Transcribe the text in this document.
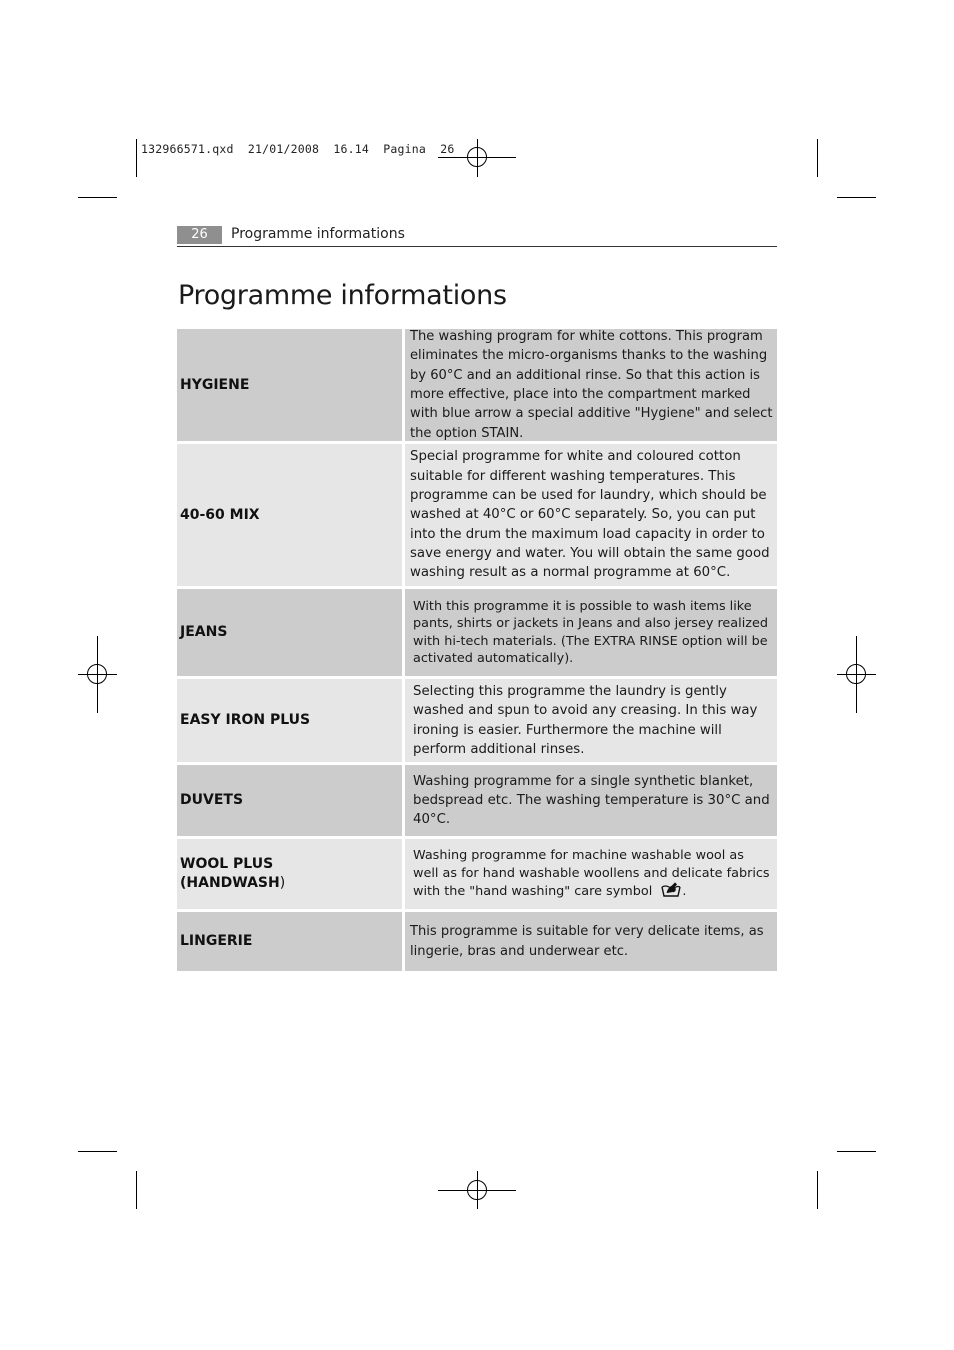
132966571.qxd  21/01/2008  16.14  Pagina  26
26	Programme informations
Programme informations
HYGIENE
The washing program for white cottons. This program eliminates the micro-organisms thanks to the washing by 60°C and an additional rinse. So that this action is more effective, place into the compartment marked with blue arrow a special additive "Hygiene" and select the option STAIN.
40-60 MIX
Special programme for white and coloured cotton suitable for different washing temperatures. This programme can be used for laundry, which should be washed at 40°C or 60°C separately. So, you can put into the drum the maximum load capacity in order to save energy and water. You will obtain the same good washing result as a normal programme at 60°C.
JEANS
With this programme it is possible to wash items like pants, shirts or jackets in Jeans and also jersey realized with hi-tech materials. (The EXTRA RINSE option will be activated automatically).
EASY IRON PLUS
Selecting this programme the laundry is gently washed and spun to avoid any creasing. In this way ironing is easier. Furthermore the machine will perform additional rinses.
DUVETS
Washing programme for a single synthetic blanket, bedspread etc. The washing temperature is 30°C and 40°C.
WOOL PLUS
(HANDWASH)
Washing programme for machine washable wool as well as for hand washable woollens and delicate fabrics with the "hand washing" care symbol .
LINGERIE
This programme is suitable for very delicate items, as lingerie, bras and underwear etc.
